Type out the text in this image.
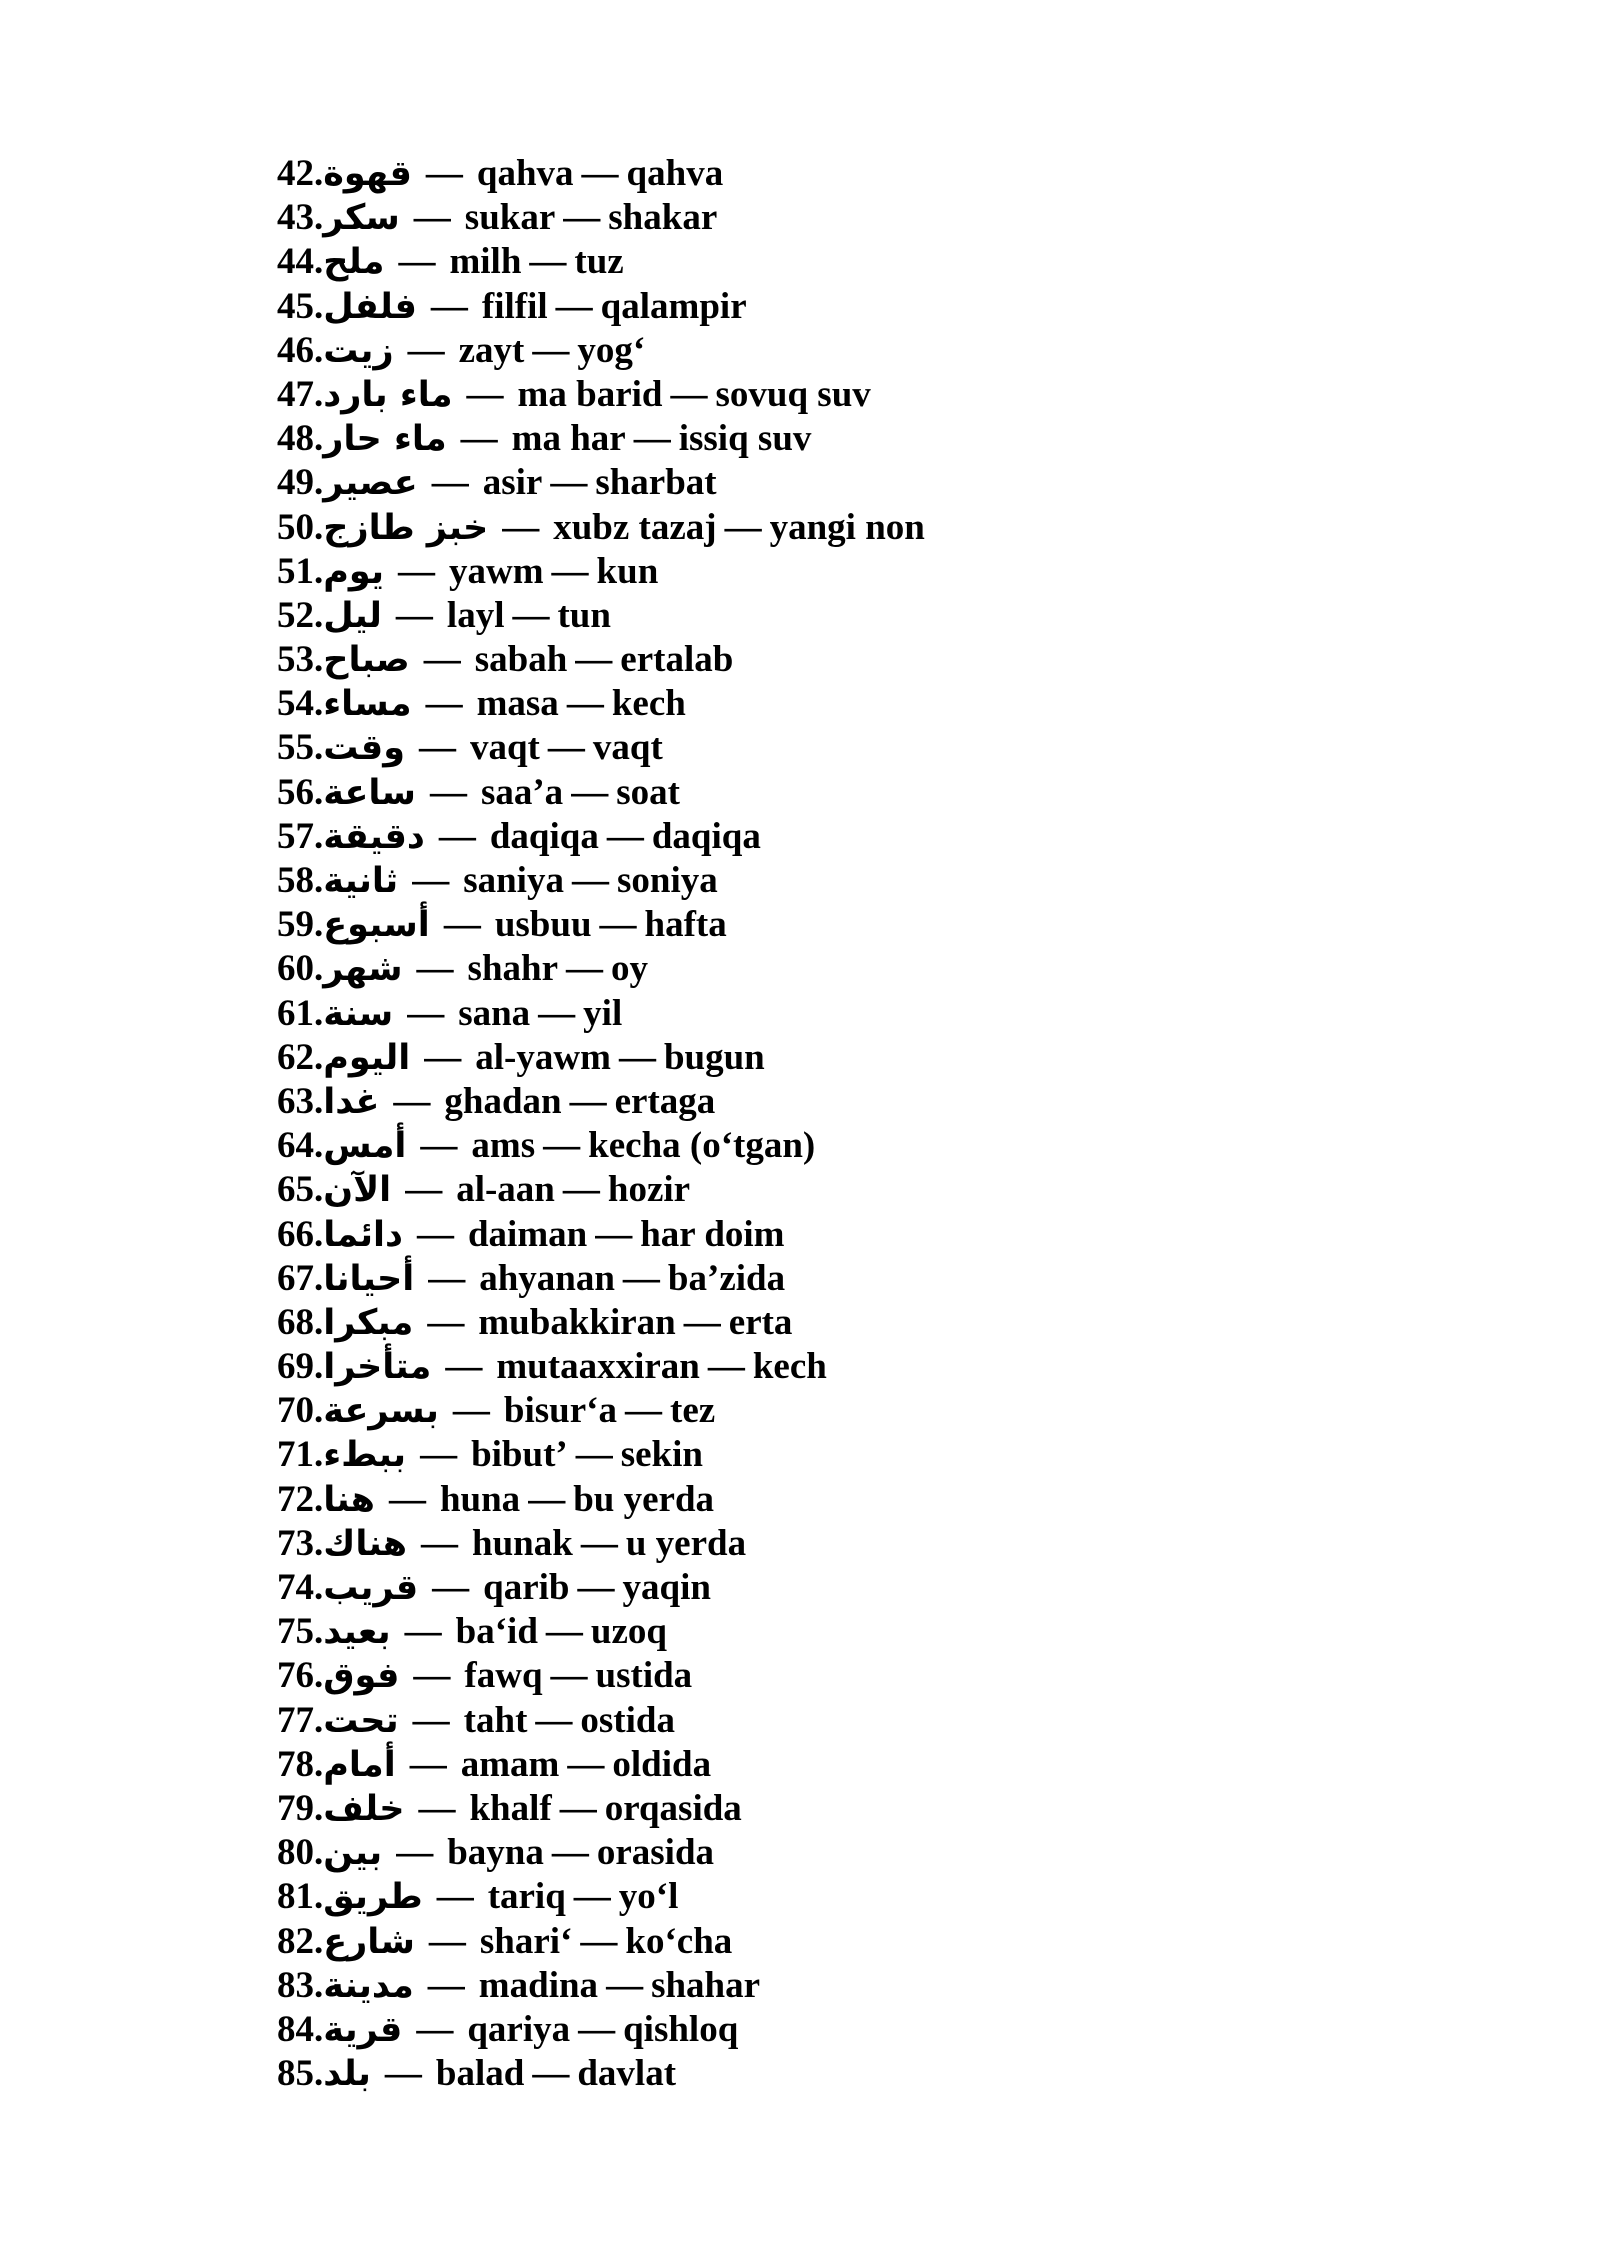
42.قهوة — qahva — qahva
43.سكر — sukar — shakar
44.ملح — milh — tuz
45.فلفل — filfil — qalampir
46.زيت — zayt — yog‘
47.ماء بارد — ma barid — sovuq suv
48.ماء حار — ma har — issiq suv
49.عصير — asir — sharbat
50.خبز طازج — xubz tazaj — yangi non
51.يوم — yawm — kun
52.ليل — layl — tun
53.صباح — sabah — ertalab
54.مساء — masa — kech
55.وقت — vaqt — vaqt
56.ساعة — saa’a — soat
57.دقيقة — daqiqa — daqiqa
58.ثانية — saniya — soniya
59.أسبوع — usbuu — hafta
60.شهر — shahr — oy
61.سنة — sana — yil
62.اليوم — al-yawm — bugun
63.غدا — ghadan — ertaga
64.أمس — ams — kecha (o‘tgan)
65.الآن — al-aan — hozir
66.دائما — daiman — har doim
67.أحيانا — ahyanan — ba’zida
68.مبكرا — mubakkiran — erta
69.متأخرا — mutaaxxiran — kech
70.بسرعة — bisur‘a — tez
71.ببطء — bibut’ — sekin
72.هنا — huna — bu yerda
73.هناك — hunak — u yerda
74.قريب — qarib — yaqin
75.بعيد — ba‘id — uzoq
76.فوق — fawq — ustida
77.تحت — taht — ostida
78.أمام — amam — oldida
79.خلف — khalf — orqasida
80.بين — bayna — orasida
81.طريق — tariq — yo‘l
82.شارع — shari‘ — ko‘cha
83.مدينة — madina — shahar
84.قرية — qariya — qishloq
85.بلد — balad — davlat
